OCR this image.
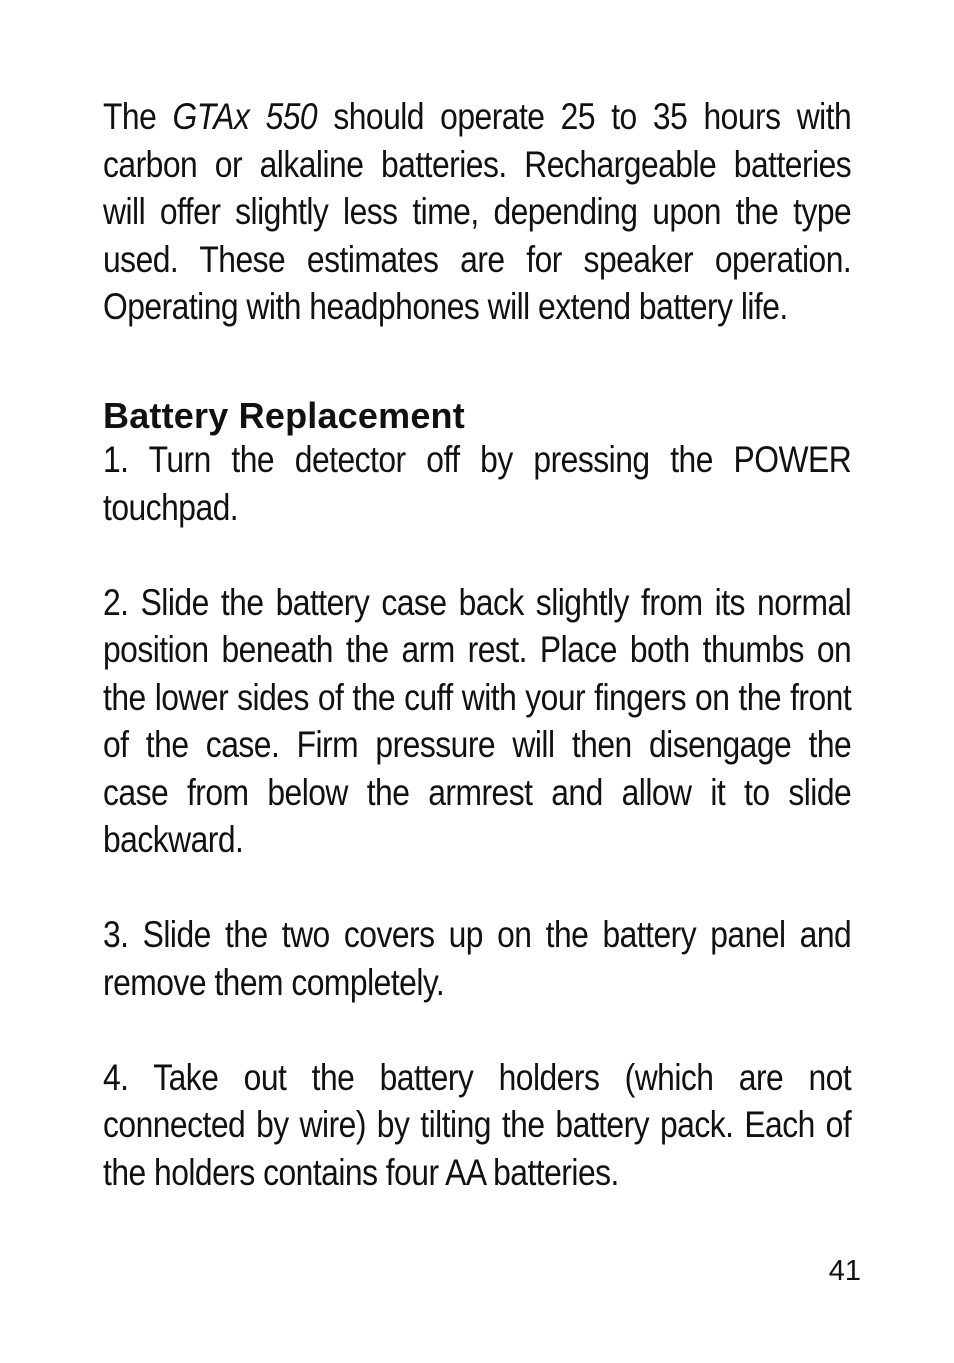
The GTAx 550 should operate 25 to 35 hours with carbon or alkaline batteries. Rechargeable batteries will offer slightly less time, depending upon the type used. These estimates are for speaker operation. Operating with headphones will extend battery life.

Battery Replacement

1. Turn the detector off by pressing the POWER touchpad.

2. Slide the battery case back slightly from its normal position beneath the arm rest. Place both thumbs on the lower sides of the cuff with your fingers on the front of the case. Firm pressure will then disengage the case from below the armrest and allow it to slide backward.

3. Slide the two covers up on the battery panel and remove them completely.

4. Take out the battery holders (which are not connected by wire) by tilting the battery pack. Each of the holders contains four AA batteries.

41
